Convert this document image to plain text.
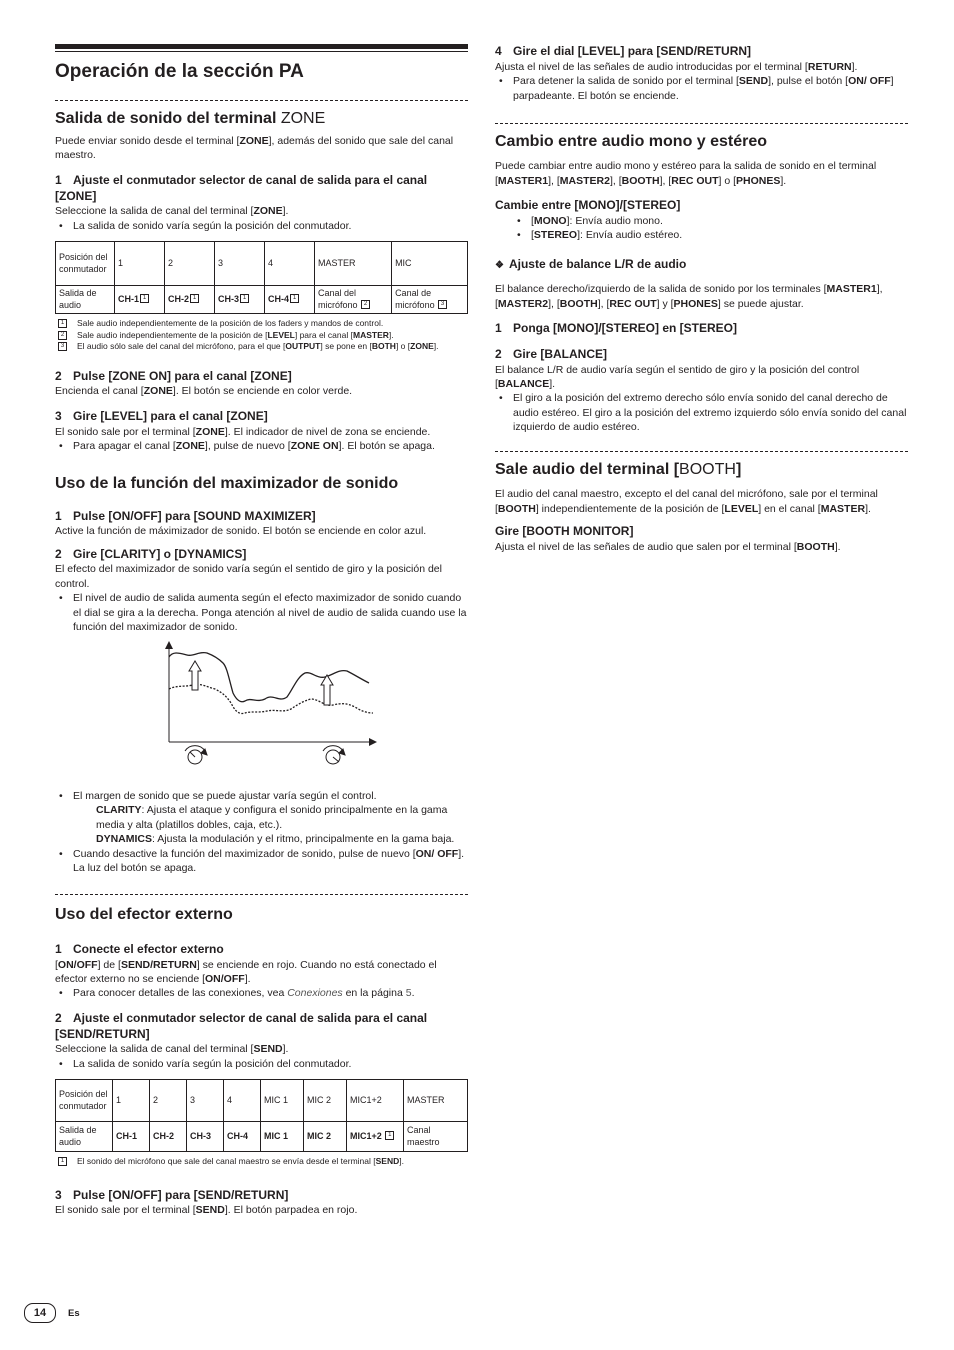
Operación de la sección PA
Salida de sonido del terminal ZONE

Puede enviar sonido desde el terminal [ZONE], además del sonido que sale del canal maestro.

1 Ajuste el conmutador selector de canal de salida para el canal [ZONE]

Seleccione la salida de canal del terminal [ZONE].

• La salida de sonido varía según la posición del conmutador.
Posición del conmutador	1	2	3	4	MASTER	MIC
Salida de audio	CH-1 1	CH-2 1	CH-3 1	CH-4 1	Canal del micrófono 2	Canal de micrófono 3
1	Sale audio independientemente de la posición de los faders y mandos de control.
2	Sale audio independientemente de la posición de [LEVEL] para el canal [MASTER].
3	El audio sólo sale del canal del micrófono, para el que [OUTPUT] se pone en [BOTH] o [ZONE].
2 Pulse [ZONE ON] para el canal [ZONE]

Encienda el canal [ZONE]. El botón se enciende en color verde.

3 Gire [LEVEL] para el canal [ZONE]

El sonido sale por el terminal [ZONE]. El indicador de nivel de zona se enciende.

• Para apagar el canal [ZONE], pulse de nuevo [ZONE ON]. El botón se apaga.
Uso de la función del maximizador de sonido
1 Pulse [ON/OFF] para [SOUND MAXIMIZER]

Active la función de máximizador de sonido. El botón se enciende en color azul.

2 Gire [CLARITY] o [DYNAMICS]

El efecto del maximizador de sonido varía según el sentido de giro y la posición del control.

• El nivel de audio de salida aumenta según el efecto maximizador de sonido cuando el dial se gira a la derecha. Ponga atención al nivel de audio de salida cuando use la función del maximizador de sonido.
• El margen de sonido que se puede ajustar varía según el control.

CLARITY: Ajusta el ataque y configura el sonido principalmente en la gama media y alta (platillos dobles, caja, etc.).

DYNAMICS: Ajusta la modulación y el ritmo, principalmente en la gama baja.

• Cuando desactive la función del maximizador de sonido, pulse de nuevo [ON/ OFF]. La luz del botón se apaga.
Uso del efector externo
1 Conecte el efector externo

[ON/OFF] de [SEND/RETURN] se enciende en rojo. Cuando no está conectado el efector externo no se enciende [ON/OFF].

• Para conocer detalles de las conexiones, vea Conexiones en la página 5.
2 Ajuste el conmutador selector de canal de salida para el canal [SEND/RETURN]

Seleccione la salida de canal del terminal [SEND].

• La salida de sonido varía según la posición del conmutador.
Posición del conmutador	1	2	3	4	MIC 1	MIC 2	MIC1+2	MASTER
Salida de audio	CH-1	CH-2	CH-3	CH-4	MIC 1	MIC 2	MIC1+2 1	Canal maestro
1	El sonido del micrófono que sale del canal maestro se envía desde el terminal [SEND].
3 Pulse [ON/OFF] para [SEND/RETURN]

El sonido sale por el terminal [SEND]. El botón parpadea en rojo.

4 Gire el dial [LEVEL] para [SEND/RETURN]

Ajusta el nivel de las señales de audio introducidas por el terminal [RETURN].

• Para detener la salida de sonido por el terminal [SEND], pulse el botón [ON/ OFF] parpadeante. El botón se enciende.
Cambio entre audio mono y estéreo

Puede cambiar entre audio mono y estéreo para la salida de sonido en el terminal [MASTER1], [MASTER2], [BOOTH], [REC OUT] o [PHONES].

Cambie entre [MONO]/[STEREO]
• [MONO]: Envía audio mono.
• [STEREO]: Envía audio estéreo.
❖ Ajuste de balance L/R de audio

El balance derecho/izquierdo de la salida de sonido por los terminales [MASTER1], [MASTER2], [BOOTH], [REC OUT] y [PHONES] se puede ajustar.

1 Ponga [MONO]/[STEREO] en [STEREO]
2 Gire [BALANCE]

El balance L/R de audio varía según el sentido de giro y la posición del control [BALANCE].

• El giro a la posición del extremo derecho sólo envía sonido del canal derecho de audio estéreo. El giro a la posición del extremo izquierdo sólo envía sonido del canal izquierdo de audio estéreo.
Sale audio del terminal [BOOTH]

El audio del canal maestro, excepto el del canal del micrófono, sale por el terminal [BOOTH] independientemente de la posición de [LEVEL] en el canal [MASTER].

Gire [BOOTH MONITOR]

Ajusta el nivel de las señales de audio que salen por el terminal [BOOTH].

14	Es
